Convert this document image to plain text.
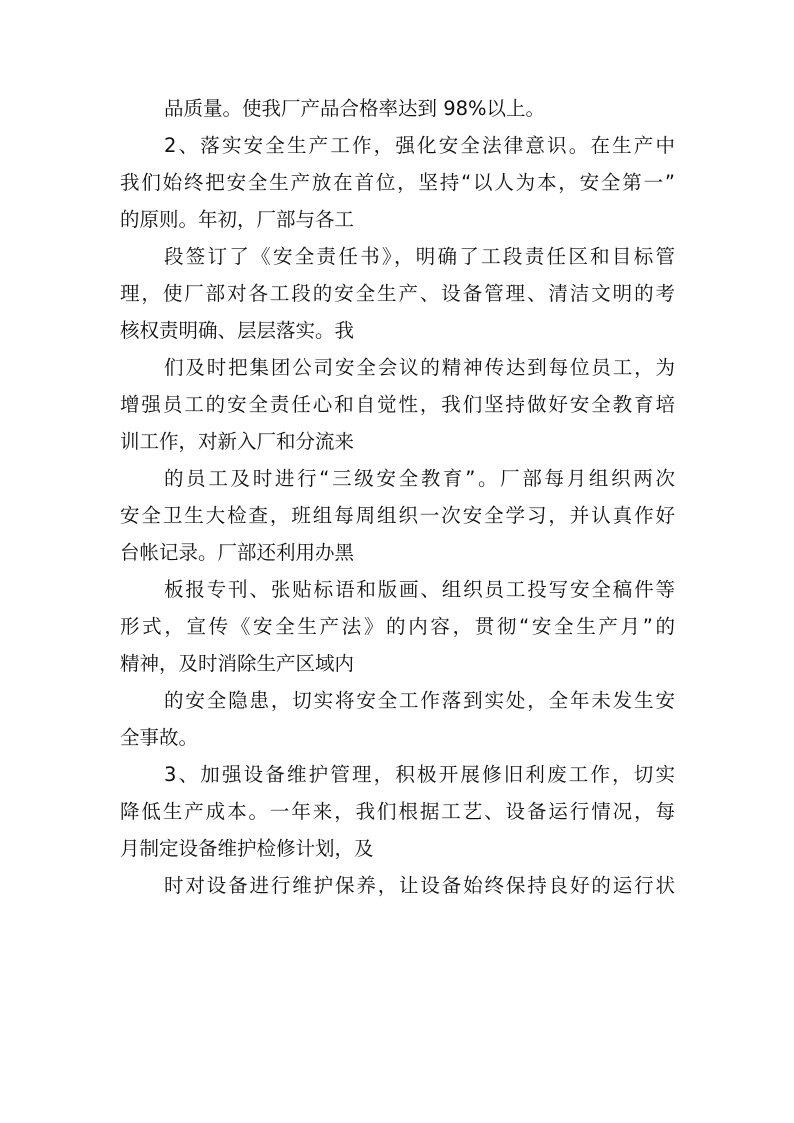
品质量。使我厂产品合格率达到 98%以上。
2、落实安全生产工作，强化安全法律意识。在生产中
我们始终把安全生产放在首位，坚持“以人为本，安全第一”
的原则。年初，厂部与各工
段签订了《安全责任书》，明确了工段责任区和目标管
理，使厂部对各工段的安全生产、设备管理、清洁文明的考
核权责明确、层层落实。我
们及时把集团公司安全会议的精神传达到每位员工，为
增强员工的安全责任心和自觉性，我们坚持做好安全教育培
训工作，对新入厂和分流来
的员工及时进行“三级安全教育”。厂部每月组织两次
安全卫生大检查，班组每周组织一次安全学习，并认真作好
台帐记录。厂部还利用办黑
板报专刊、张贴标语和版画、组织员工投写安全稿件等
形式，宣传《安全生产法》的内容，贯彻“安全生产月”的
精神，及时消除生产区域内
的安全隐患，切实将安全工作落到实处，全年未发生安
全事故。
3、加强设备维护管理，积极开展修旧利废工作，切实
降低生产成本。一年来，我们根据工艺、设备运行情况，每
月制定设备维护检修计划，及
时对设备进行维护保养，让设备始终保持良好的运行状
